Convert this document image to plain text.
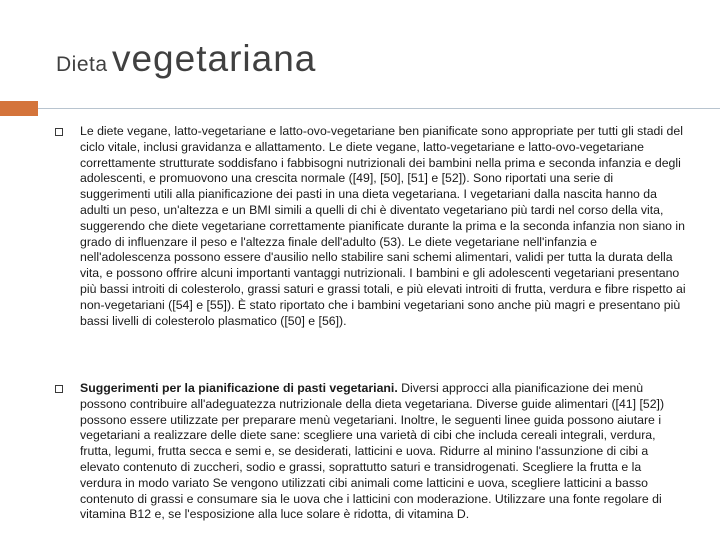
Dieta vegetariana
Le diete vegane, latto-vegetariane e latto-ovo-vegetariane ben pianificate sono appropriate per tutti gli stadi del ciclo vitale, inclusi gravidanza e allattamento. Le diete vegane, latto-vegetariane e latto-ovo-vegetariane correttamente strutturate soddisfano i fabbisogni nutrizionali dei bambini nella prima e seconda infanzia e degli adolescenti, e promuovono una crescita normale ([49], [50], [51] e [52]). Sono riportati una serie di suggerimenti utili alla pianificazione dei pasti in una dieta vegetariana. I vegetariani dalla nascita hanno da adulti un peso, un'altezza e un BMI simili a quelli di chi è diventato vegetariano più tardi nel corso della vita, suggerendo che diete vegetariane correttamente pianificate durante la prima e la seconda infanzia non siano in grado di influenzare il peso e l'altezza finale dell'adulto (53). Le diete vegetariane nell'infanzia e nell'adolescenza possono essere d'ausilio nello stabilire sani schemi alimentari, validi per tutta la durata della vita, e possono offrire alcuni importanti vantaggi nutrizionali. I bambini e gli adolescenti vegetariani presentano più bassi introiti di colesterolo, grassi saturi e grassi totali, e più elevati introiti di frutta, verdura e fibre rispetto ai non-vegetariani ([54] e [55]). È stato riportato che i bambini vegetariani sono anche più magri e presentano più bassi livelli di colesterolo plasmatico ([50] e [56]).
Suggerimenti per la pianificazione di pasti vegetariani. Diversi approcci alla pianificazione dei menù possono contribuire all'adeguatezza nutrizionale della dieta vegetariana. Diverse guide alimentari ([41] [52]) possono essere utilizzate per preparare menù vegetariani. Inoltre, le seguenti linee guida possono aiutare i vegetariani a realizzare delle diete sane: scegliere una varietà di cibi che includa cereali integrali, verdura, frutta, legumi, frutta secca e semi e, se desiderati, latticini e uova. Ridurre al minino l'assunzione di cibi a elevato contenuto di zuccheri, sodio e grassi, soprattutto saturi e transidrogenati. Scegliere la frutta e la verdura in modo variato Se vengono utilizzati cibi animali come latticini e uova, scegliere latticini a basso contenuto di grassi e consumare sia le uova che i latticini con moderazione. Utilizzare una fonte regolare di vitamina B12 e, se l'esposizione alla luce solare è ridotta, di vitamina D.
